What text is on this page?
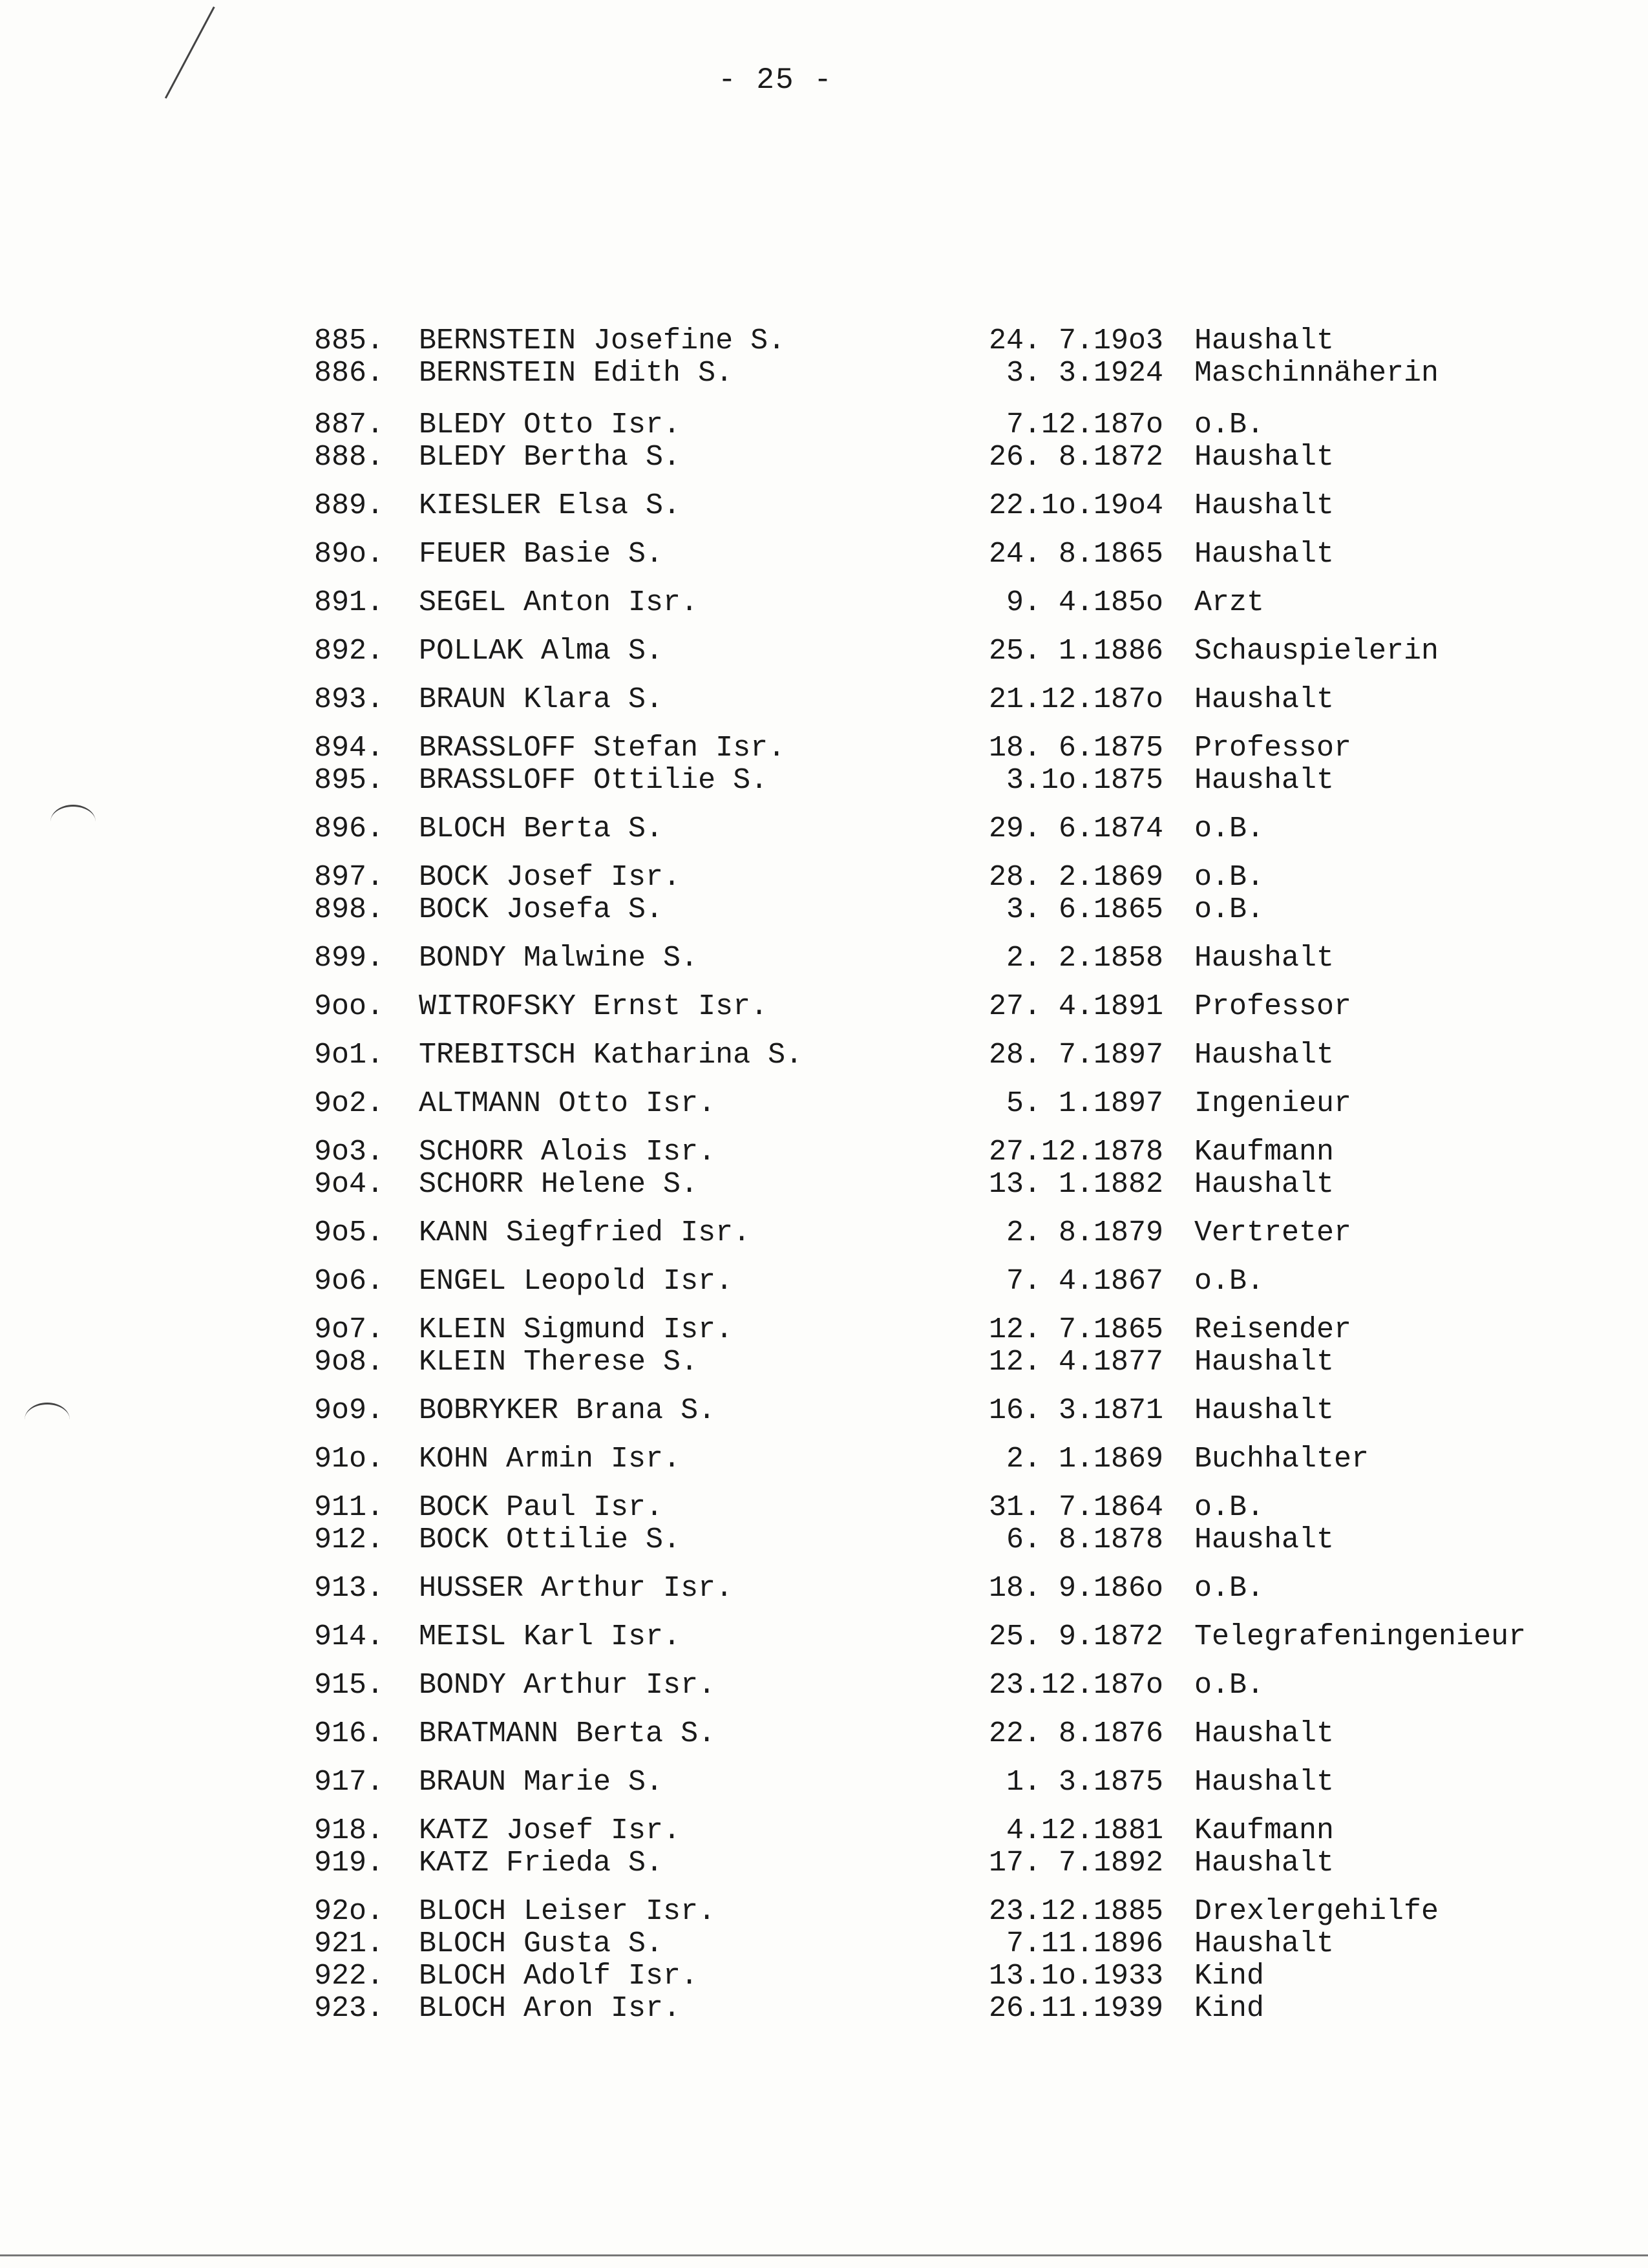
- 25 -
885.	BERNSTEIN Josefine S.	24. 7.19o3 Haushalt
886.	BERNSTEIN Edith S.	3. 3.1924 Maschinnäherin
887.	BLEDY Otto Isr.	7.12.187o o.B.
888.	BLEDY Bertha S.	26. 8.1872 Haushalt
889.	KIESLER Elsa S.	22.1o.19o4 Haushalt
89o.	FEUER Basie S.	24. 8.1865 Haushalt
891.	SEGEL Anton Isr.	9. 4.185o Arzt
892.	POLLAK Alma S.	25. 1.1886 Schauspielerin
893.	BRAUN Klara S.	21.12.187o Haushalt
894.	BRASSLOFF Stefan Isr.	18. 6.1875 Professor
895.	BRASSLOFF Ottilie S.	3.1o.1875 Haushalt
896.	BLOCH Berta S.	29. 6.1874 o.B.
897.	BOCK Josef Isr.	28. 2.1869 o.B.
898.	BOCK Josefa S.	3. 6.1865 o.B.
899.	BONDY Malwine S.	2. 2.1858 Haushalt
9oo.	WITROFSKY Ernst Isr.	27. 4.1891 Professor
9o1.	TREBITSCH Katharina S.	28. 7.1897 Haushalt
9o2.	ALTMANN Otto Isr.	5. 1.1897 Ingenieur
9o3.	SCHORR Alois Isr.	27.12.1878 Kaufmann
9o4.	SCHORR Helene S.	13. 1.1882 Haushalt
9o5.	KANN Siegfried Isr.	2. 8.1879 Vertreter
9o6.	ENGEL Leopold Isr.	7. 4.1867 o.B.
9o7.	KLEIN Sigmund Isr.	12. 7.1865 Reisender
9o8.	KLEIN Therese S.	12. 4.1877 Haushalt
9o9.	BOBRYKER Brana S.	16. 3.1871 Haushalt
91o.	KOHN Armin Isr.	2. 1.1869 Buchhalter
911.	BOCK Paul Isr.	31. 7.1864 o.B.
912.	BOCK Ottilie S.	6. 8.1878 Haushalt
913.	HUSSER Arthur Isr.	18. 9.186o o.B.
914.	MEISL Karl Isr.	25. 9.1872 Telegrafeningenieur
915.	BONDY Arthur Isr.	23.12.187o o.B.
916.	BRATMANN Berta S.	22. 8.1876 Haushalt
917.	BRAUN Marie S.	1. 3.1875 Haushalt
918.	KATZ Josef Isr.	4.12.1881 Kaufmann
919.	KATZ Frieda S.	17. 7.1892 Haushalt
92o.	BLOCH Leiser Isr.	23.12.1885 Drexlergehilfe
921.	BLOCH Gusta S.	7.11.1896 Haushalt
922.	BLOCH Adolf Isr.	13.1o.1933 Kind
923.	BLOCH Aron Isr.	26.11.1939 Kind
